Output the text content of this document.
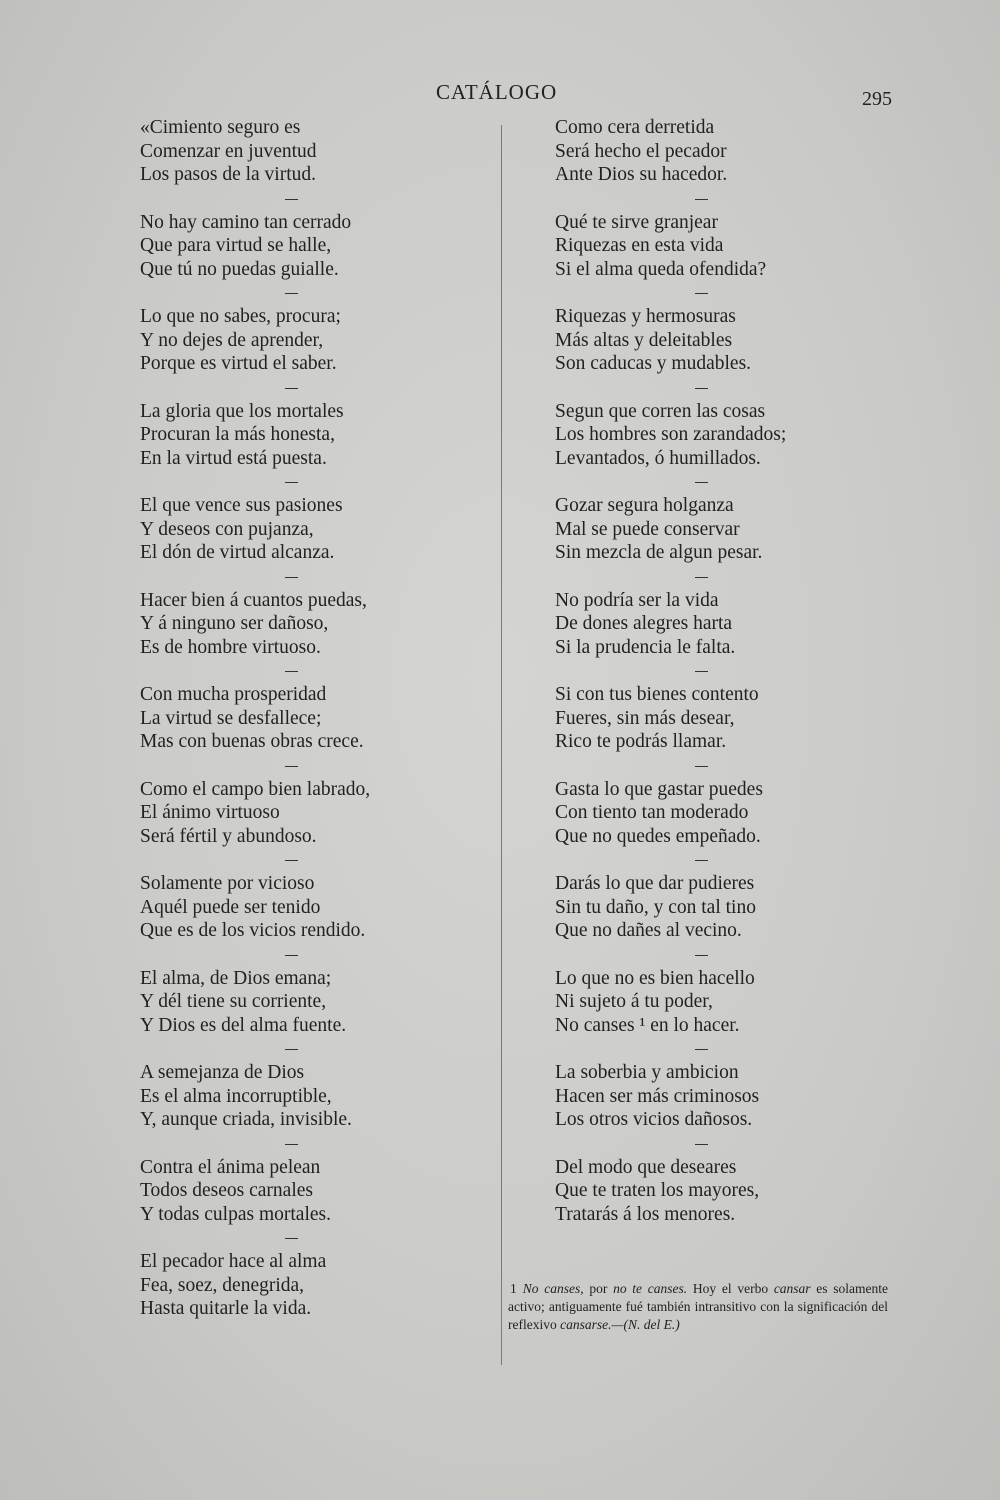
CATÁLOGO	295
«Cimiento seguro es
Comenzar en juventud
Los pasos de la virtud.
No hay camino tan cerrado
Que para virtud se halle,
Que tú no puedas guialle.
Lo que no sabes, procura;
Y no dejes de aprender,
Porque es virtud el saber.
La gloria que los mortales
Procuran la más honesta,
En la virtud está puesta.
El que vence sus pasiones
Y deseos con pujanza,
El dón de virtud alcanza.
Hacer bien á cuantos puedas,
Y á ninguno ser dañoso,
Es de hombre virtuoso.
Con mucha prosperidad
La virtud se desfallece;
Mas con buenas obras crece.
Como el campo bien labrado,
El ánimo virtuoso
Será fértil y abundoso.
Solamente por vicioso
Aquél puede ser tenido
Que es de los vicios rendido.
El alma, de Dios emana;
Y dél tiene su corriente,
Y Dios es del alma fuente.
A semejanza de Dios
Es el alma incorruptible,
Y, aunque criada, invisible.
Contra el ánima pelean
Todos deseos carnales
Y todas culpas mortales.
El pecador hace al alma
Fea, soez, denegrida,
Hasta quitarle la vida.
Como cera derretida
Será hecho el pecador
Ante Dios su hacedor.
Qué te sirve granjear
Riquezas en esta vida
Si el alma queda ofendida?
Riquezas y hermosuras
Más altas y deleitables
Son caducas y mudables.
Segun que corren las cosas
Los hombres son zarandados;
Levantados, ó humillados.
Gozar segura holganza
Mal se puede conservar
Sin mezcla de algun pesar.
No podría ser la vida
De dones alegres harta
Si la prudencia le falta.
Si con tus bienes contento
Fueres, sin más desear,
Rico te podrás llamar.
Gasta lo que gastar puedes
Con tiento tan moderado
Que no quedes empeñado.
Darás lo que dar pudieres
Sin tu daño, y con tal tino
Que no dañes al vecino.
Lo que no es bien hacello
Ni sujeto á tu poder,
No canses ¹ en lo hacer.
La soberbia y ambicion
Hacen ser más criminosos
Los otros vicios dañosos.
Del modo que deseares
Que te traten los mayores,
Tratarás á los menores.
1 No canses, por no te canses. Hoy el verbo cansar es solamente activo; antiguamente fué también intransitivo con la significación del reflexivo cansarse.—(N. del E.)
